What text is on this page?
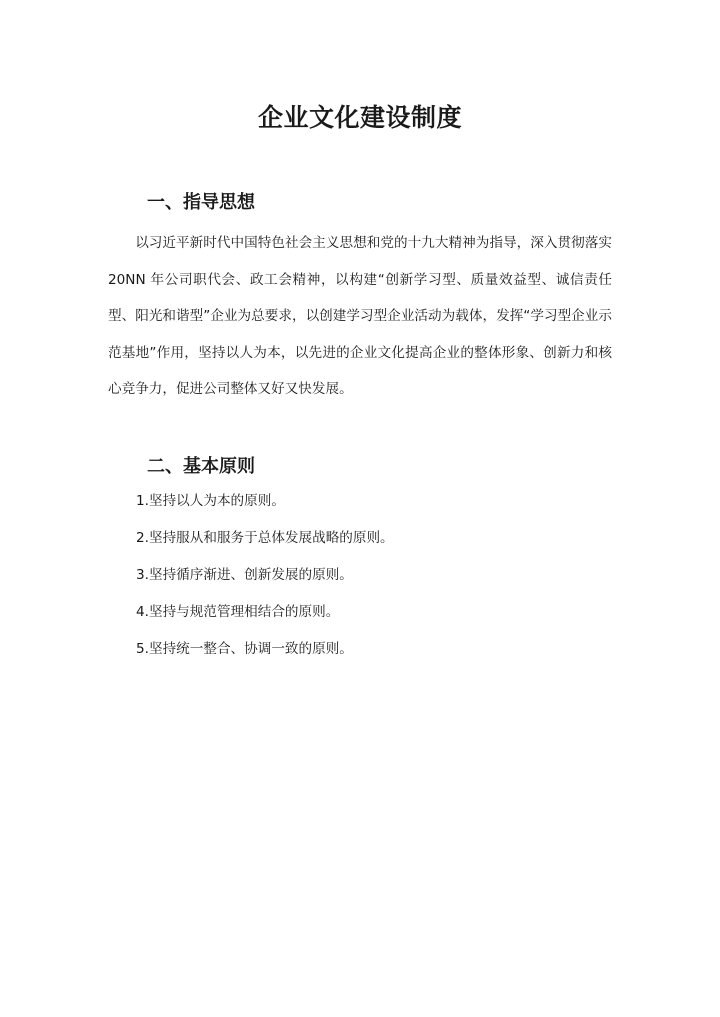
企业文化建设制度
一、指导思想

以习近平新时代中国特色社会主义思想和党的十九大精神为指导，深入贯彻落实 20NN 年公司职代会、政工会精神，以构建“创新学习型、质量效益型、诚信责任型、阳光和谐型”企业为总要求，以创建学习型企业活动为载体，发挥“学习型企业示范基地”作用，坚持以人为本，以先进的企业文化提高企业的整体形象、创新力和核心竞争力，促进公司整体又好又快发展。

二、基本原则
1.坚持以人为本的原则。
2.坚持服从和服务于总体发展战略的原则。
3.坚持循序渐进、创新发展的原则。
4.坚持与规范管理相结合的原则。
5.坚持统一整合、协调一致的原则。
